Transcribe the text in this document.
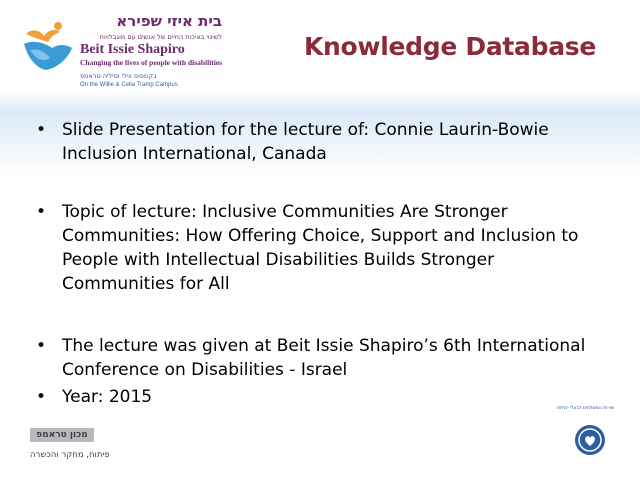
בית איזי שפירא
לשינוי באיכות החיים של אנשים עם מוגבלויות
Beit Issie Shapiro
Changing the lives of people with disabilities
בקמפוס ווילי וסיליה טראמפ
On the Willie & Celia Tramp Campus
Knowledge Database
• Slide Presentation for the lecture of: Connie Laurin-Bowie Inclusion International, Canada
• Topic of lecture: Inclusive Communities Are Stronger Communities: How Offering Choice, Support and Inclusion to People with Intellectual Disabilities Builds Stronger Communities for All
• The lecture was given at Beit Issie Shapiro’s 6th International Conference on Disabilities - Israel
• Year: 2015
מכון טראמפ
פיתוח, מחקר והכשרה
שירות המשלמים לבעלי יכולות
